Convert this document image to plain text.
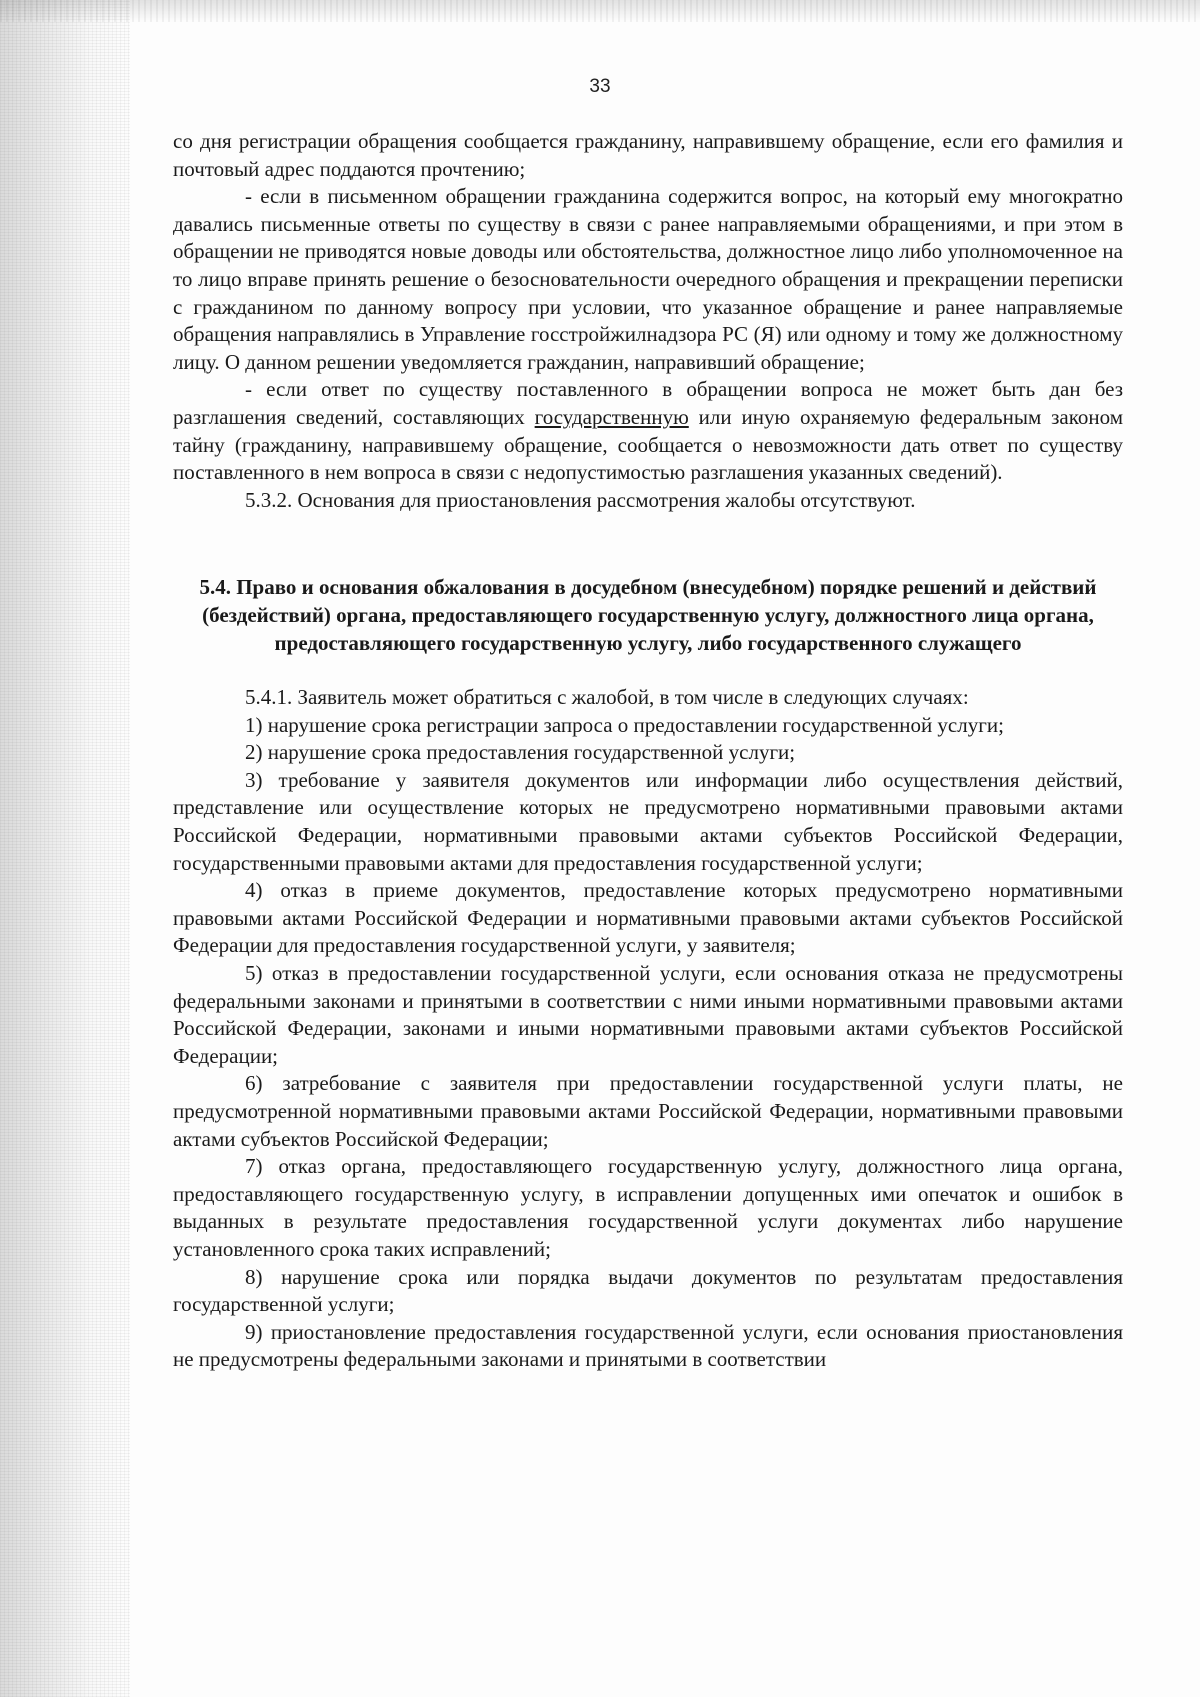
33

со дня регистрации обращения сообщается гражданину, направившему обращение, если его фамилия и почтовый адрес поддаются прочтению;

- если в письменном обращении гражданина содержится вопрос, на который ему многократно давались письменные ответы по существу в связи с ранее направляемыми обращениями, и при этом в обращении не приводятся новые доводы или обстоятельства, должностное лицо либо уполномоченное на то лицо вправе принять решение о безосновательности очередного обращения и прекращении переписки с гражданином по данному вопросу при условии, что указанное обращение и ранее направляемые обращения направлялись в Управление госстройжилнадзора РС (Я) или одному и тому же должностному лицу. О данном решении уведомляется гражданин, направивший обращение;

- если ответ по существу поставленного в обращении вопроса не может быть дан без разглашения сведений, составляющих государственную или иную охраняемую федеральным законом тайну (гражданину, направившему обращение, сообщается о невозможности дать ответ по существу поставленного в нем вопроса в связи с недопустимостью разглашения указанных сведений).

5.3.2. Основания для приостановления рассмотрения жалобы отсутствуют.

5.4. Право и основания обжалования в досудебном (внесудебном) порядке решений и действий (бездействий) органа, предоставляющего государственную услугу, должностного лица органа, предоставляющего государственную услугу, либо государственного служащего

5.4.1. Заявитель может обратиться с жалобой, в том числе в следующих случаях:

1) нарушение срока регистрации запроса о предоставлении государственной услуги;

2) нарушение срока предоставления государственной услуги;

3) требование у заявителя документов или информации либо осуществления действий, представление или осуществление которых не предусмотрено нормативными правовыми актами Российской Федерации, нормативными правовыми актами субъектов Российской Федерации, государственными правовыми актами для предоставления государственной услуги;

4) отказ в приеме документов, предоставление которых предусмотрено нормативными правовыми актами Российской Федерации и нормативными правовыми актами субъектов Российской Федерации для предоставления государственной услуги, у заявителя;

5) отказ в предоставлении государственной услуги, если основания отказа не предусмотрены федеральными законами и принятыми в соответствии с ними иными нормативными правовыми актами Российской Федерации, законами и иными нормативными правовыми актами субъектов Российской Федерации;

6) затребование с заявителя при предоставлении государственной услуги платы, не предусмотренной нормативными правовыми актами Российской Федерации, нормативными правовыми актами субъектов Российской Федерации;

7) отказ органа, предоставляющего государственную услугу, должностного лица органа, предоставляющего государственную услугу, в исправлении допущенных ими опечаток и ошибок в выданных в результате предоставления государственной услуги документах либо нарушение установленного срока таких исправлений;

8) нарушение срока или порядка выдачи документов по результатам предоставления государственной услуги;

9) приостановление предоставления государственной услуги, если основания приостановления не предусмотрены федеральными законами и принятыми в соответствии
